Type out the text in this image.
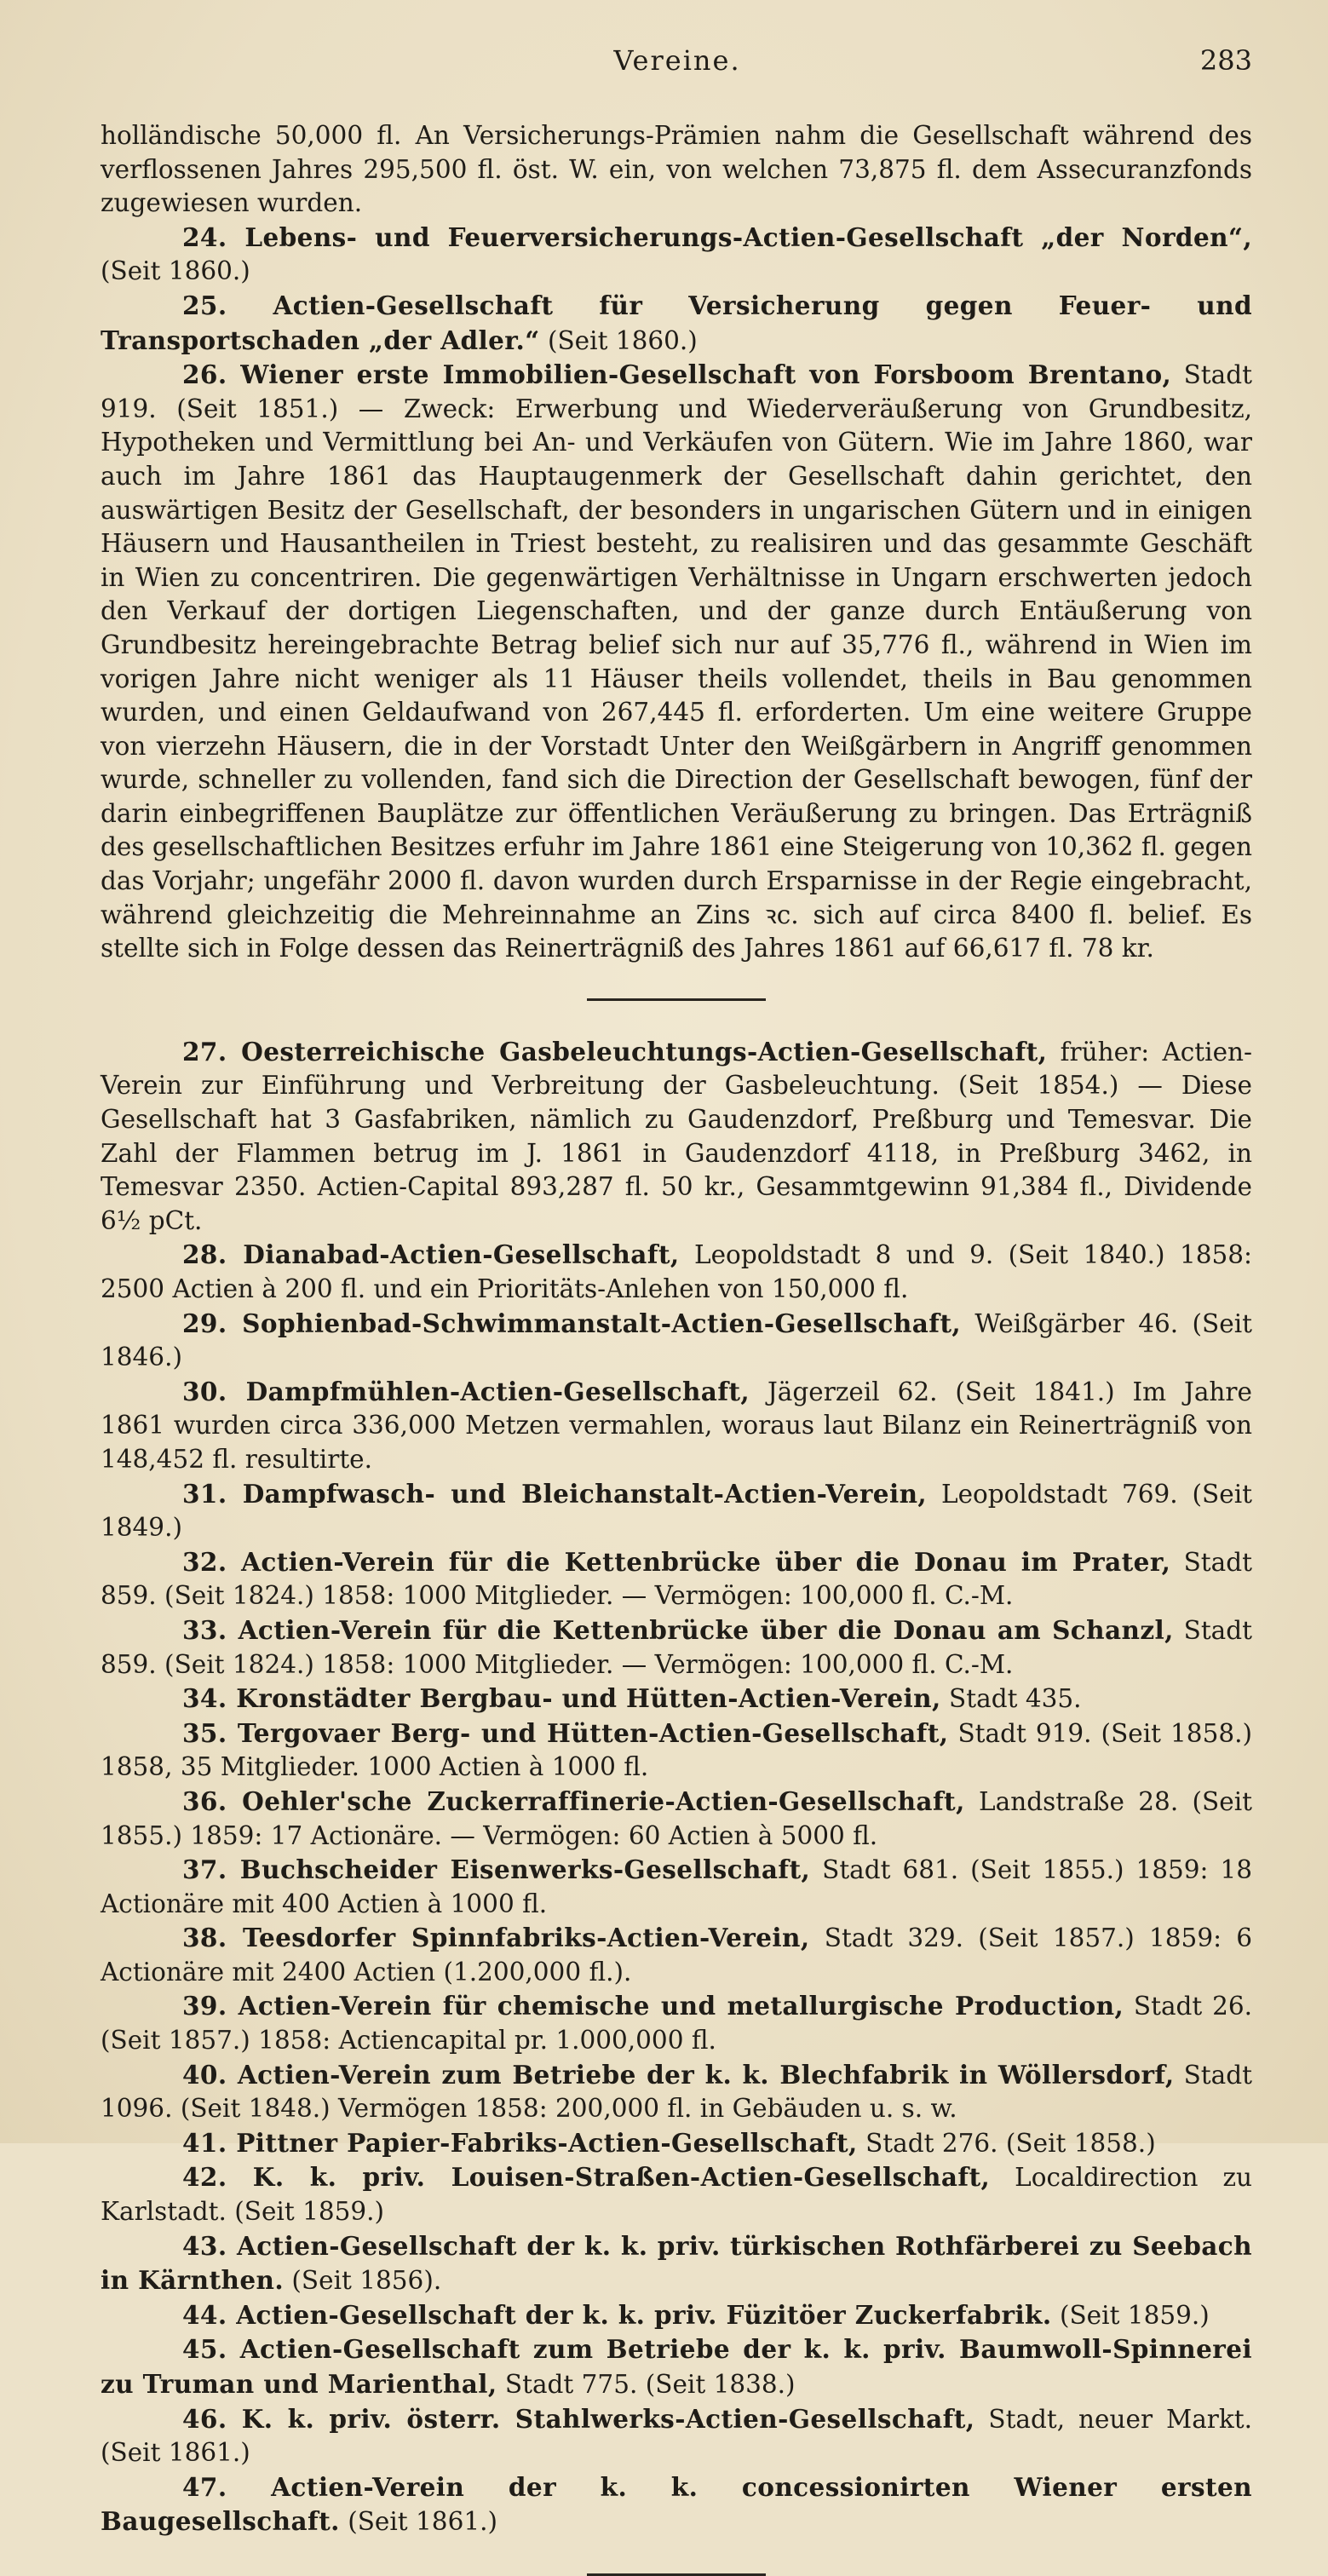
Vereine.	283

holländische 50,000 fl. An Versicherungs-Prämien nahm die Gesellschaft während des verflossenen Jahres 295,500 fl. öst. W. ein, von welchen 73,875 fl. dem Assecuranzfonds zugewiesen wurden.

24. Lebens- und Feuerversicherungs-Actien-Gesellschaft „der Norden“, (Seit 1860.)

25. Actien-Gesellschaft für Versicherung gegen Feuer- und Transportschaden „der Adler.“ (Seit 1860.)

26. Wiener erste Immobilien-Gesellschaft von Forsboom Brentano, Stadt 919. (Seit 1851.) — Zweck: Erwerbung und Wiederveräußerung von Grundbesitz, Hypotheken und Vermittlung bei An- und Verkäufen von Gütern. Wie im Jahre 1860, war auch im Jahre 1861 das Hauptaugenmerk der Gesellschaft dahin gerichtet, den auswärtigen Besitz der Gesellschaft, der besonders in ungarischen Gütern und in einigen Häusern und Hausantheilen in Triest besteht, zu realisiren und das gesammte Geschäft in Wien zu concentriren. Die gegenwärtigen Verhältnisse in Ungarn erschwerten jedoch den Verkauf der dortigen Liegenschaften, und der ganze durch Entäußerung von Grundbesitz hereingebrachte Betrag belief sich nur auf 35,776 fl., während in Wien im vorigen Jahre nicht weniger als 11 Häuser theils vollendet, theils in Bau genommen wurden, und einen Geldaufwand von 267,445 fl. erforderten. Um eine weitere Gruppe von vierzehn Häusern, die in der Vorstadt Unter den Weißgärbern in Angriff genommen wurde, schneller zu vollenden, fand sich die Direction der Gesellschaft bewogen, fünf der darin einbegriffenen Bauplätze zur öffentlichen Veräußerung zu bringen. Das Erträgniß des gesellschaftlichen Besitzes erfuhr im Jahre 1861 eine Steigerung von 10,362 fl. gegen das Vorjahr; ungefähr 2000 fl. davon wurden durch Ersparnisse in der Regie eingebracht, während gleichzeitig die Mehreinnahme an Zins ꝛc. sich auf circa 8400 fl. belief. Es stellte sich in Folge dessen das Reinerträgniß des Jahres 1861 auf 66,617 fl. 78 kr.

27. Oesterreichische Gasbeleuchtungs-Actien-Gesellschaft, früher: Actien-Verein zur Einführung und Verbreitung der Gasbeleuchtung. (Seit 1854.) — Diese Gesellschaft hat 3 Gasfabriken, nämlich zu Gaudenzdorf, Preßburg und Temesvar. Die Zahl der Flammen betrug im J. 1861 in Gaudenzdorf 4118, in Preßburg 3462, in Temesvar 2350. Actien-Capital 893,287 fl. 50 kr., Gesammtgewinn 91,384 fl., Dividende 6½ pCt.

28. Dianabad-Actien-Gesellschaft, Leopoldstadt 8 und 9. (Seit 1840.) 1858: 2500 Actien à 200 fl. und ein Prioritäts-Anlehen von 150,000 fl.

29. Sophienbad-Schwimmanstalt-Actien-Gesellschaft, Weißgärber 46. (Seit 1846.)

30. Dampfmühlen-Actien-Gesellschaft, Jägerzeil 62. (Seit 1841.) Im Jahre 1861 wurden circa 336,000 Metzen vermahlen, woraus laut Bilanz ein Reinerträgniß von 148,452 fl. resultirte.

31. Dampfwasch- und Bleichanstalt-Actien-Verein, Leopoldstadt 769. (Seit 1849.)

32. Actien-Verein für die Kettenbrücke über die Donau im Prater, Stadt 859. (Seit 1824.) 1858: 1000 Mitglieder. — Vermögen: 100,000 fl. C.-M.

33. Actien-Verein für die Kettenbrücke über die Donau am Schanzl, Stadt 859. (Seit 1824.) 1858: 1000 Mitglieder. — Vermögen: 100,000 fl. C.-M.

34. Kronstädter Bergbau- und Hütten-Actien-Verein, Stadt 435.

35. Tergovaer Berg- und Hütten-Actien-Gesellschaft, Stadt 919. (Seit 1858.) 1858, 35 Mitglieder. 1000 Actien à 1000 fl.

36. Oehler'sche Zuckerraffinerie-Actien-Gesellschaft, Landstraße 28. (Seit 1855.) 1859: 17 Actionäre. — Vermögen: 60 Actien à 5000 fl.

37. Buchscheider Eisenwerks-Gesellschaft, Stadt 681. (Seit 1855.) 1859: 18 Actionäre mit 400 Actien à 1000 fl.

38. Teesdorfer Spinnfabriks-Actien-Verein, Stadt 329. (Seit 1857.) 1859: 6 Actionäre mit 2400 Actien (1.200,000 fl.).

39. Actien-Verein für chemische und metallurgische Production, Stadt 26. (Seit 1857.) 1858: Actiencapital pr. 1.000,000 fl.

40. Actien-Verein zum Betriebe der k. k. Blechfabrik in Wöllersdorf, Stadt 1096. (Seit 1848.) Vermögen 1858: 200,000 fl. in Gebäuden u. s. w.

41. Pittner Papier-Fabriks-Actien-Gesellschaft, Stadt 276. (Seit 1858.)

42. K. k. priv. Louisen-Straßen-Actien-Gesellschaft, Localdirection zu Karlstadt. (Seit 1859.)

43. Actien-Gesellschaft der k. k. priv. türkischen Rothfärberei zu Seebach in Kärnthen. (Seit 1856).

44. Actien-Gesellschaft der k. k. priv. Füzitöer Zuckerfabrik. (Seit 1859.)

45. Actien-Gesellschaft zum Betriebe der k. k. priv. Baumwoll-Spinnerei zu Truman und Marienthal, Stadt 775. (Seit 1838.)

46. K. k. priv. österr. Stahlwerks-Actien-Gesellschaft, Stadt, neuer Markt. (Seit 1861.)

47. Actien-Verein der k. k. concessionirten Wiener ersten Baugesellschaft. (Seit 1861.)
